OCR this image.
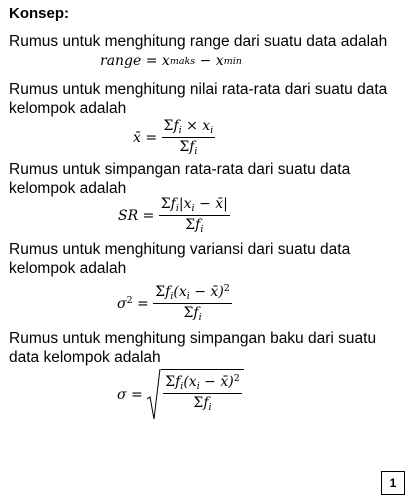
Konsep:

Rumus untuk menghitung range dari suatu data adalah

range = x maks − x min

Rumus untuk menghitung nilai rata-rata dari suatu data kelompok adalah

x̄ = $\frac{\Sigma f_i \times x_i}{\Sigma f_i}$

Rumus untuk simpangan rata-rata dari suatu data kelompok adalah

SR = $\frac{\Sigma f_i|x_i - x̄|}{\Sigma f_i}$

Rumus untuk menghitung variansi dari suatu data kelompok adalah

$\sigma^2 = \frac{\Sigma f_i(x_i - x̄)^2}{\Sigma f_i}$

Rumus untuk menghitung simpangan baku dari suatu data kelompok adalah

$\sigma = \frac{\Sigma f_i(x_i - x̄)^2}{\Sigma f_i}$
1
